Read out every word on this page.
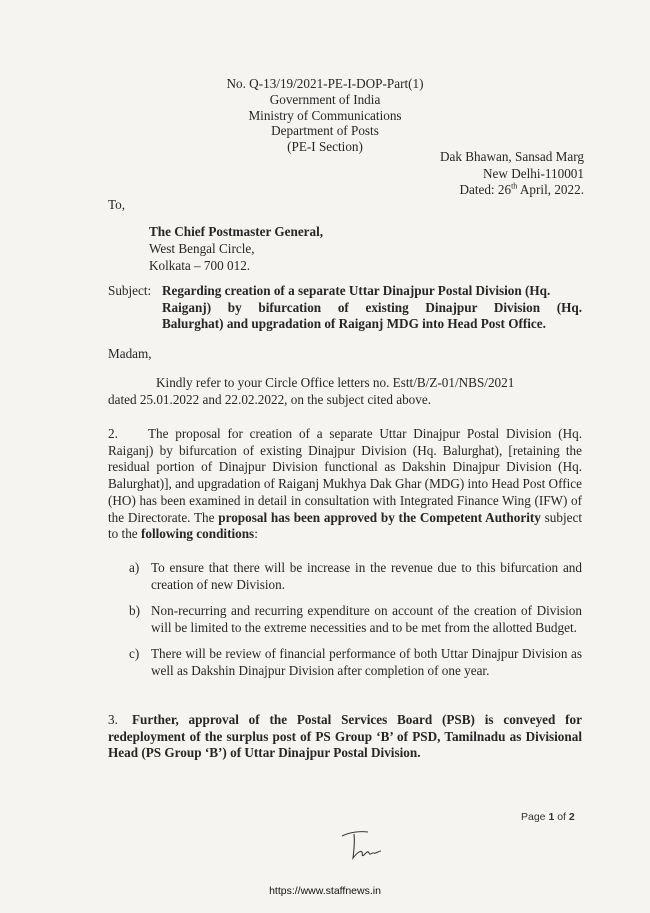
No. Q-13/19/2021-PE-I-DOP-Part(1)
Government of India
Ministry of Communications
Department of Posts
(PE-I Section)
Dak Bhawan, Sansad Marg
New Delhi-110001
Dated: 26th April, 2022.
To,
The Chief Postmaster General,
West Bengal Circle,
Kolkata – 700 012.
Subject: Regarding creation of a separate Uttar Dinajpur Postal Division (Hq.
Raiganj) by bifurcation of existing Dinajpur Division (Hq.
Balurghat) and upgradation of Raiganj MDG into Head Post Office.
Madam,
Kindly refer to your Circle Office letters no. Estt/B/Z-01/NBS/2021
dated 25.01.2022 and 22.02.2022, on the subject cited above.
2. The proposal for creation of a separate Uttar Dinajpur Postal Division (Hq. Raiganj) by bifurcation of existing Dinajpur Division (Hq. Balurghat), [retaining the residual portion of Dinajpur Division functional as Dakshin Dinajpur Division (Hq. Balurghat)], and upgradation of Raiganj Mukhya Dak Ghar (MDG) into Head Post Office (HO) has been examined in detail in consultation with Integrated Finance Wing (IFW) of the Directorate. The proposal has been approved by the Competent Authority subject to the following conditions:
a) To ensure that there will be increase in the revenue due to this bifurcation and creation of new Division.
b) Non-recurring and recurring expenditure on account of the creation of Division will be limited to the extreme necessities and to be met from the allotted Budget.
c) There will be review of financial performance of both Uttar Dinajpur Division as well as Dakshin Dinajpur Division after completion of one year.
3. Further, approval of the Postal Services Board (PSB) is conveyed for redeployment of the surplus post of PS Group ‘B’ of PSD, Tamilnadu as Divisional Head (PS Group ‘B’) of Uttar Dinajpur Postal Division.
Page 1 of 2
https://www.staffnews.in
